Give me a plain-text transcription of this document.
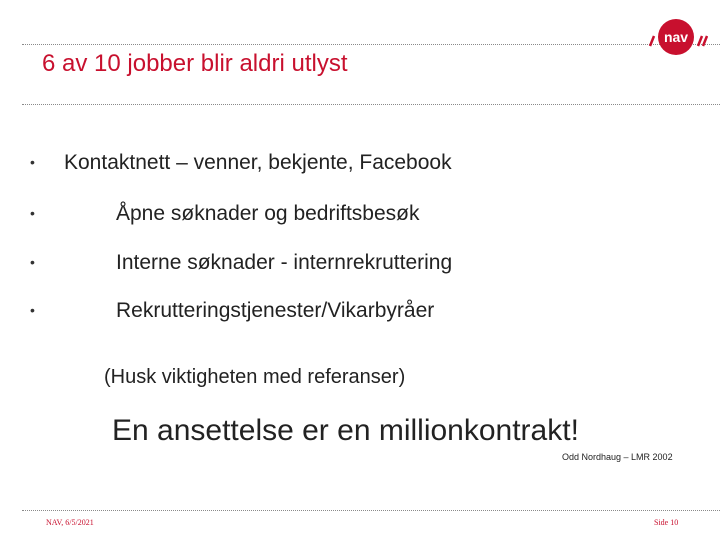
6 av 10 jobber blir aldri utlyst
nav
• Kontaktnett – venner, bekjente, Facebook
•	Åpne søknader og bedriftsbesøk
•	Interne søknader - internrekruttering
•	Rekrutteringstjenester/Vikarbyråer
(Husk viktigheten med referanser)
En ansettelse er en millionkontrakt!
Odd Nordhaug – LMR 2002
NAV, 6/5/2021	Side 10
